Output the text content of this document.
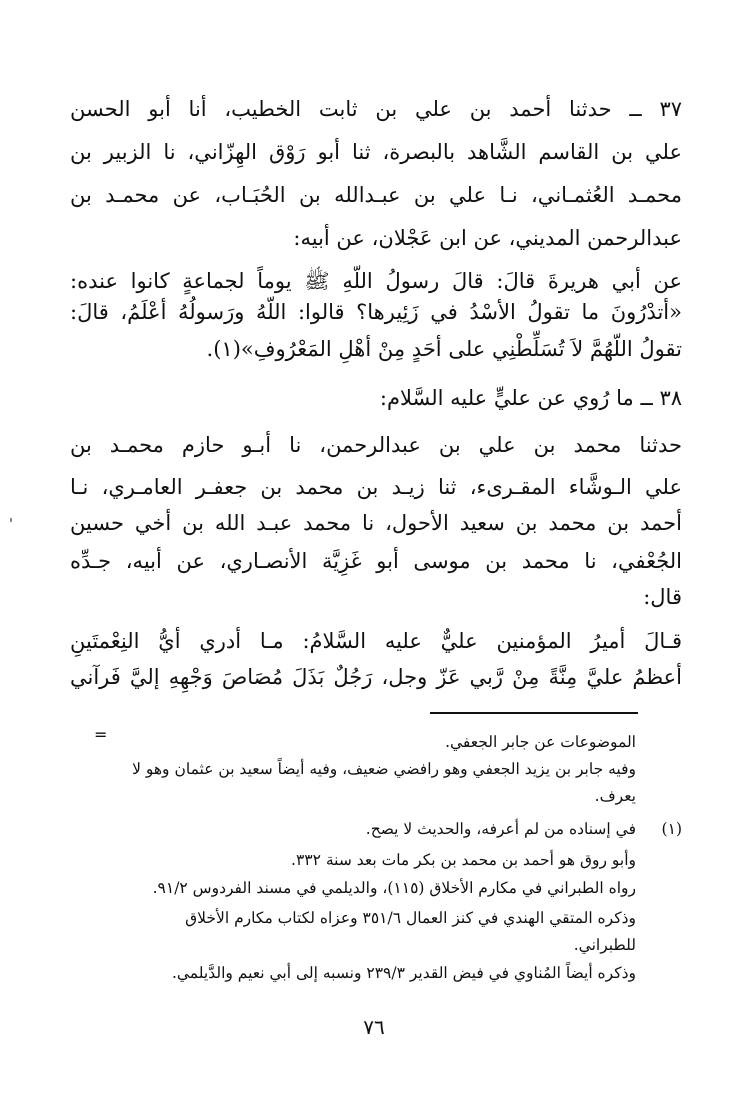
٣٧ ــ حدثنا أحمد بن علي بن ثابت الخطيب، أنا أبو الحسن
علي بن القاسم الشَّاهد بالبصرة، ثنا أبو رَوْق الهِزّاني، نا الزبير بن
محمـد العُثمـاني، نـا علي بن عبـدالله بن الحُبَـاب، عن محمـد بن
عبدالرحمن المديني، عن ابن عَجْلان، عن أبيه:
عن أبي هريرةَ قالَ: قالَ رسولُ اللّهِ ﷺ يوماً لجماعةٍ كانوا عنده:
«أتدْرُونَ ما تقولُ الأسْدُ في زَئِيرها؟ قالوا: اللّهُ ورَسولُهُ أعْلَمُ، قالَ:
تقولُ اللّهُمَّ لاَ تُسَلِّطْنِي على أحَدٍ مِنْ أهْلِ المَعْرُوفِ»(١).
٣٨ ــ ما رُوي عن عليٍّ عليه السَّلام:
حدثنا محمد بن علي بن عبدالرحمن، نا أبـو حازم محمـد بن
علي الـوشَّاء المقـرىء، ثنا زيـد بن محمد بن جعفـر العامـري، نـا
أحمد بن محمد بن سعيد الأحول، نا محمد عبـد الله بن أخي حسين
الجُعْفي، نا محمد بن موسى أبو غَزِيَّة الأنصـاري، عن أبيه، جـدِّه
قال:
قـالَ أميرُ المؤمنين عليٌّ عليه السَّلامُ: مـا أدري أيُّ النِعْمتَينِ
أعظمُ عليَّ مِنَّةً مِنْ رَّبي عَزّ وجل، رَجُلٌ بَذَلَ مُصَاصَ وَجْهِهِ إليَّ فَرآني
=	الموضوعات عن جابر الجعفي.
وفيه جابر بن يزيد الجعفي وهو رافضي ضعيف، وفيه أيضاً سعيد بن عثمان وهو لا
يعرف.
(١)
في إسناده من لم أعرفه، والحديث لا يصح.
وأبو روق هو أحمد بن محمد بن بكر مات بعد سنة ٣٣٢.
رواه الطبراني في مكارم الأخلاق (١١٥)، والديلمي في مسند الفردوس ٩١/٢.
وذكره المتقي الهندي في كنز العمال ٣٥١/٦ وعزاه لكتاب مكارم الأخلاق
للطبراني.
وذكره أيضاً المُناوي في فيض القدير ٢٣٩/٣ ونسبه إلى أبي نعيم والدَّيلمي.
٧٦
